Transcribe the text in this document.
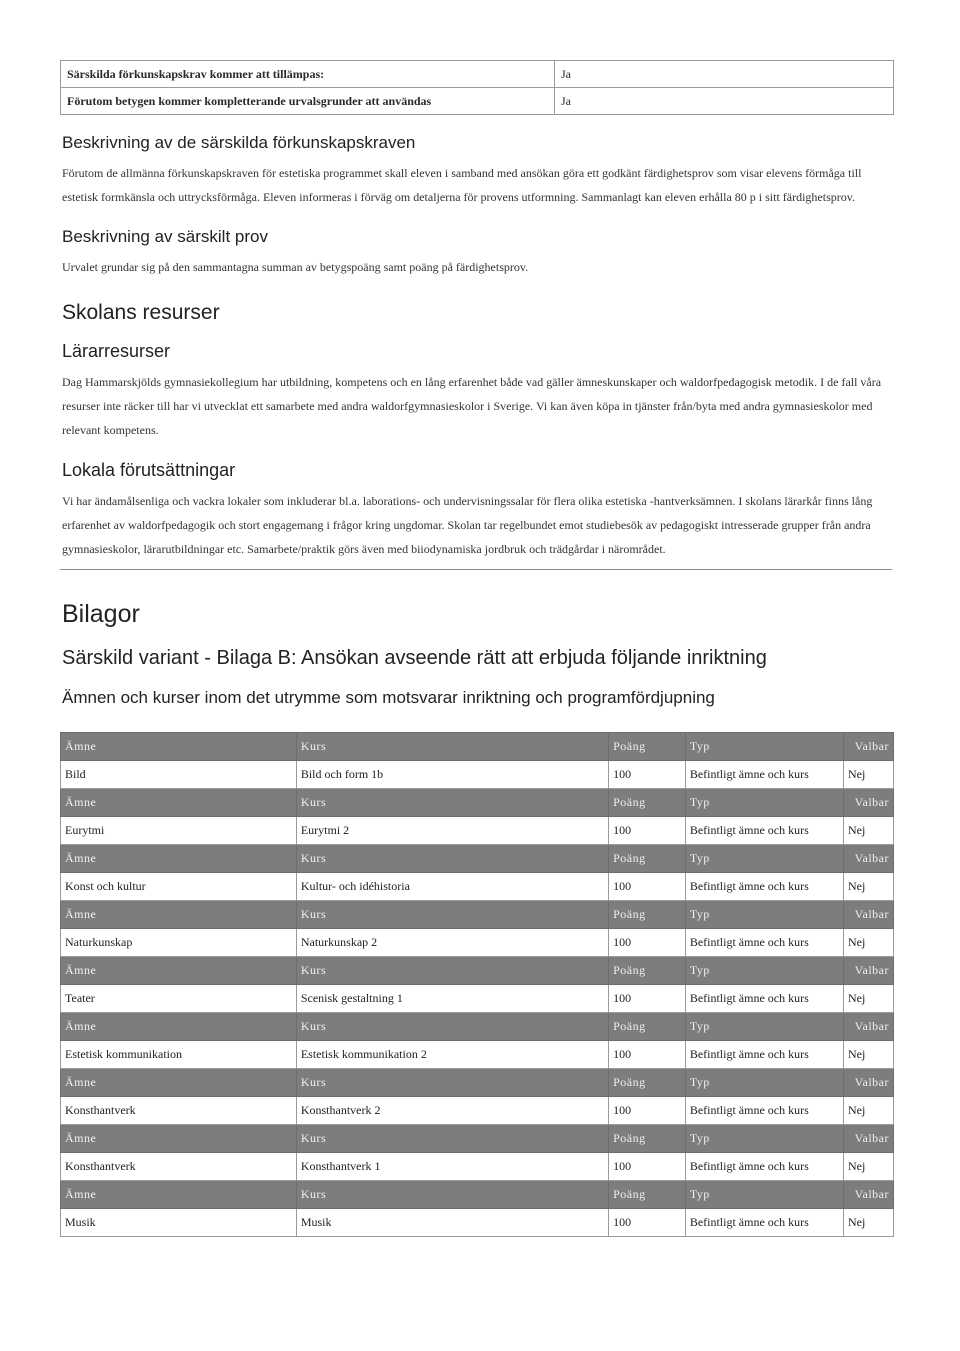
Särskilda förkunskapskrav kommer att tillämpas:	Ja
Förutom betygen kommer kompletterande urvalsgrunder att användas	Ja
Beskrivning av de särskilda förkunskapskraven

Förutom de allmänna förkunskapskraven för estetiska programmet skall eleven i samband med ansökan göra ett godkänt färdighetsprov som visar elevens förmåga till estetisk formkänsla och uttrycksförmåga. Eleven informeras i förväg om detaljerna för provens utformning. Sammanlagt kan eleven erhålla 80 p i sitt färdighetsprov.

Beskrivning av särskilt prov

Urvalet grundar sig på den sammantagna summan av betygspoäng samt poäng på färdighetsprov.

Skolans resurser
Lärarresurser

Dag Hammarskjölds gymnasiekollegium har utbildning, kompetens och en lång erfarenhet både vad gäller ämneskunskaper och waldorfpedagogisk metodik. I de fall våra resurser inte räcker till har vi utvecklat ett samarbete med andra waldorfgymnasieskolor i Sverige. Vi kan även köpa in tjänster från/byta med andra gymnasieskolor med relevant kompetens.

Lokala förutsättningar

Vi har ändamålsenliga och vackra lokaler som inkluderar bl.a. laborations- och undervisningssalar för flera olika estetiska -hantverksämnen. I skolans lärarkår finns lång erfarenhet av waldorfpedagogik och stort engagemang i frågor kring ungdomar. Skolan tar regelbundet emot studiebesök av pedagogiskt intresserade grupper från andra gymnasieskolor, lärarutbildningar etc. Samarbete/praktik görs även med biiodynamiska jordbruk och trädgårdar i närområdet.

Bilagor
Särskild variant - Bilaga B: Ansökan avseende rätt att erbjuda följande inriktning
Ämnen och kurser inom det utrymme som motsvarar inriktning och programfördjupning
Ämne	Kurs	Poäng	Typ	Valbar
Bild	Bild och form 1b	100	Befintligt ämne och kurs	Nej
Ämne	Kurs	Poäng	Typ	Valbar
Eurytmi	Eurytmi 2	100	Befintligt ämne och kurs	Nej
Ämne	Kurs	Poäng	Typ	Valbar
Konst och kultur	Kultur- och idéhistoria	100	Befintligt ämne och kurs	Nej
Ämne	Kurs	Poäng	Typ	Valbar
Naturkunskap	Naturkunskap 2	100	Befintligt ämne och kurs	Nej
Ämne	Kurs	Poäng	Typ	Valbar
Teater	Scenisk gestaltning 1	100	Befintligt ämne och kurs	Nej
Ämne	Kurs	Poäng	Typ	Valbar
Estetisk kommunikation	Estetisk kommunikation 2	100	Befintligt ämne och kurs	Nej
Ämne	Kurs	Poäng	Typ	Valbar
Konsthantverk	Konsthantverk 2	100	Befintligt ämne och kurs	Nej
Ämne	Kurs	Poäng	Typ	Valbar
Konsthantverk	Konsthantverk 1	100	Befintligt ämne och kurs	Nej
Ämne	Kurs	Poäng	Typ	Valbar
Musik	Musik	100	Befintligt ämne och kurs	Nej
